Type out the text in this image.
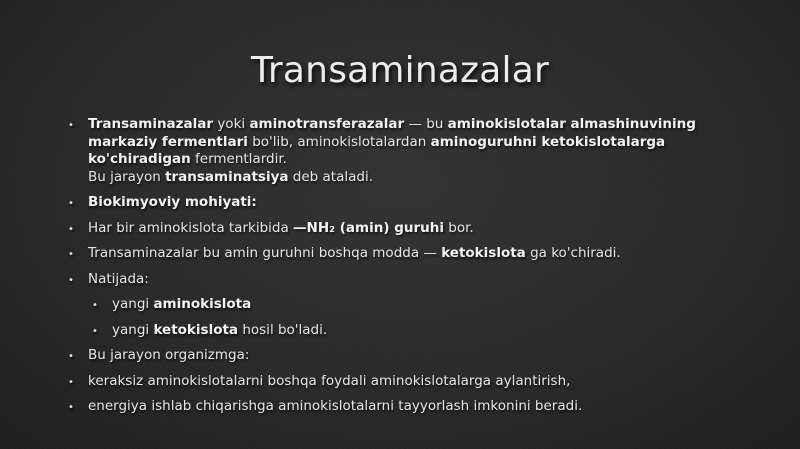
Transaminazalar
• Transaminazalar yoki aminotransferazalar — bu aminokislotalar almashinuvining markaziy fermentlari bo'lib, aminokislotalardan aminoguruhni ketokislotalarga ko'chiradigan fermentlardir.
Bu jarayon transaminatsiya deb ataladi.
• Biokimyoviy mohiyati:
• Har bir aminokislota tarkibida —NH₂ (amin) guruhi bor.
• Transaminazalar bu amin guruhni boshqa modda — ketokislota ga ko'chiradi.
• Natijada:
• yangi aminokislota
• yangi ketokislota hosil bo'ladi.
• Bu jarayon organizmga:
• keraksiz aminokislotalarni boshqa foydali aminokislotalarga aylantirish,
• energiya ishlab chiqarishga aminokislotalarni tayyorlash imkonini beradi.
